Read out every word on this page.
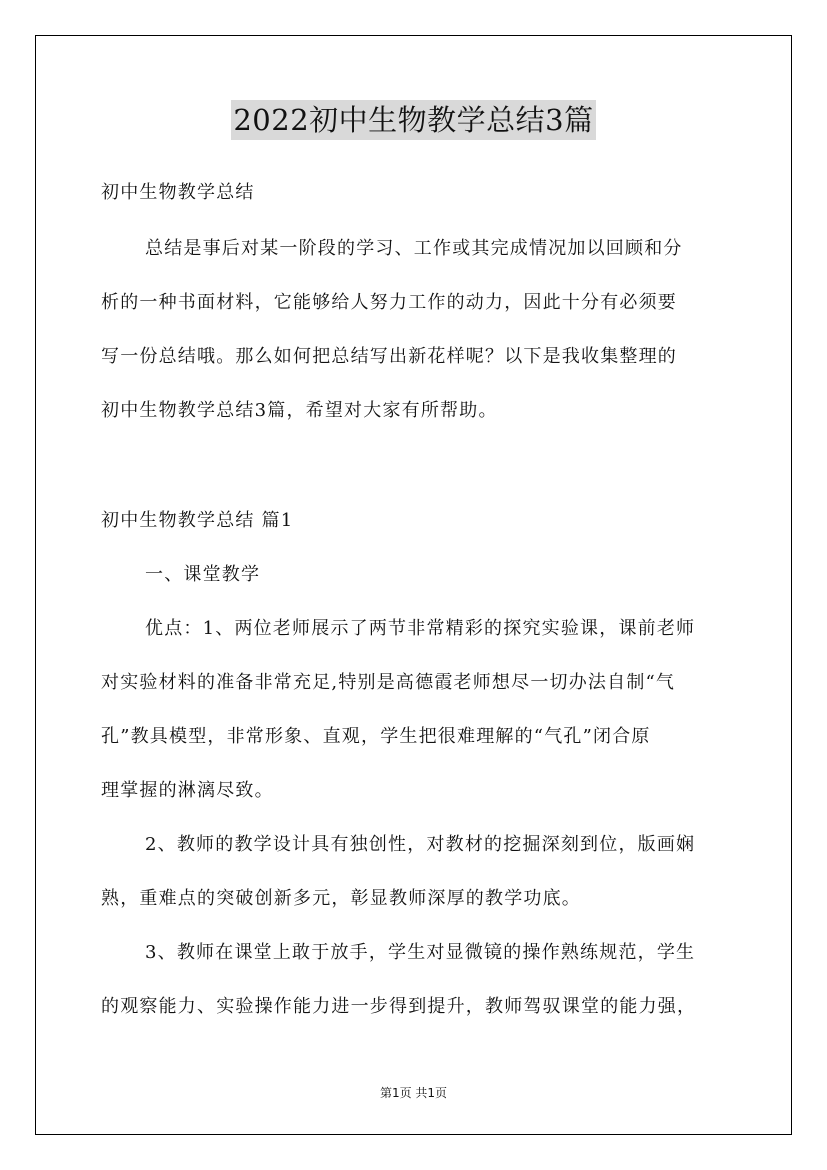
2022初中生物教学总结3篇
初中生物教学总结
总结是事后对某一阶段的学习、工作或其完成情况加以回顾和分
析的一种书面材料，它能够给人努力工作的动力，因此十分有必须要
写一份总结哦。那么如何把总结写出新花样呢？以下是我收集整理的
初中生物教学总结3篇，希望对大家有所帮助。
初中生物教学总结 篇1
一、课堂教学
优点：1、两位老师展示了两节非常精彩的探究实验课，课前老师
对实验材料的准备非常充足,特别是高德霞老师想尽一切办法自制“气
孔”教具模型，非常形象、直观，学生把很难理解的“气孔”闭合原
理掌握的淋漓尽致。
2、教师的教学设计具有独创性，对教材的挖掘深刻到位，版画娴
熟，重难点的突破创新多元，彰显教师深厚的教学功底。
3、教师在课堂上敢于放手，学生对显微镜的操作熟练规范，学生
的观察能力、实验操作能力进一步得到提升，教师驾驭课堂的能力强，
第1页 共1页
